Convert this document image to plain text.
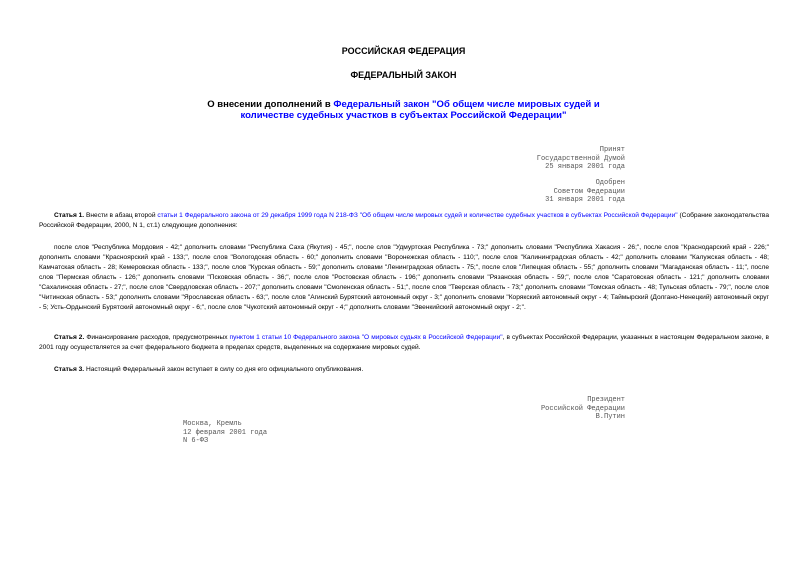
РОССИЙСКАЯ ФЕДЕРАЦИЯ
ФЕДЕРАЛЬНЫЙ ЗАКОН
О внесении дополнений в Федеральный закон "Об общем числе мировых судей и количестве судебных участков в субъектах Российской Федерации"
Принят
Государственной Думой
25 января 2001 года
Одобрен
Советом Федерации
31 января 2001 года
Статья 1. Внести в абзац второй статьи 1 Федерального закона от 29 декабря 1999 года N 218-ФЗ "Об общем числе мировых судей и количестве судебных участков в субъектах Российской Федерации" (Собрание законодательства Российской Федерации, 2000, N 1, ст.1) следующие дополнения:
после слов "Республика Мордовия - 42;" дополнить словами "Республика Саха (Якутия) - 45;", после слов "Удмуртская Республика - 73;" дополнить словами "Республика Хакасия - 26;", после слов "Краснодарский край - 226;" дополнить словами "Красноярский край - 133;", после слов "Вологодская область - 60;" дополнить словами "Воронежская область - 110;", после слов "Калининградская область - 42;" дополнить словами "Калужская область - 48; Камчатская область - 28; Кемеровская область - 133;", после слов "Курская область - 59;" дополнить словами "Ленинградская область - 75;", после слов "Липецкая область - 55;" дополнить словами "Магаданская область - 11;", после слов "Пермская область - 126;" дополнить словами "Псковская область - 36;", после слов "Ростовская область - 196;" дополнить словами "Рязанская область - 59;", после слов "Саратовская область - 121;" дополнить словами "Сахалинская область - 27;", после слов "Свердловская область - 207;" дополнить словами "Смоленская область - 51;", после слов "Тверская область - 73;" дополнить словами "Томская область - 48; Тульская область - 79;", после слов "Читинская область - 53;" дополнить словами "Ярославская область - 63;", после слов "Агинский Бурятский автономный округ - 3;" дополнить словами "Корякский автономный округ - 4; Таймырский (Долгано-Ненецкий) автономный округ - 5; Усть-Ордынский Бурятский автономный округ - 6;", после слов "Чукотский автономный округ - 4;" дополнить словами "Эвенкийский автономный округ - 2;".
Статья 2. Финансирование расходов, предусмотренных пунктом 1 статьи 10 Федерального закона "О мировых судьях в Российской Федерации", в субъектах Российской Федерации, указанных в настоящем Федеральном законе, в 2001 году осуществляется за счет федерального бюджета в пределах средств, выделенных на содержание мировых судей.
Статья 3. Настоящий Федеральный закон вступает в силу со дня его официального опубликования.
Президент
Российской Федерации
В.Путин
Москва, Кремль
12 февраля 2001 года
N 6-ФЗ
